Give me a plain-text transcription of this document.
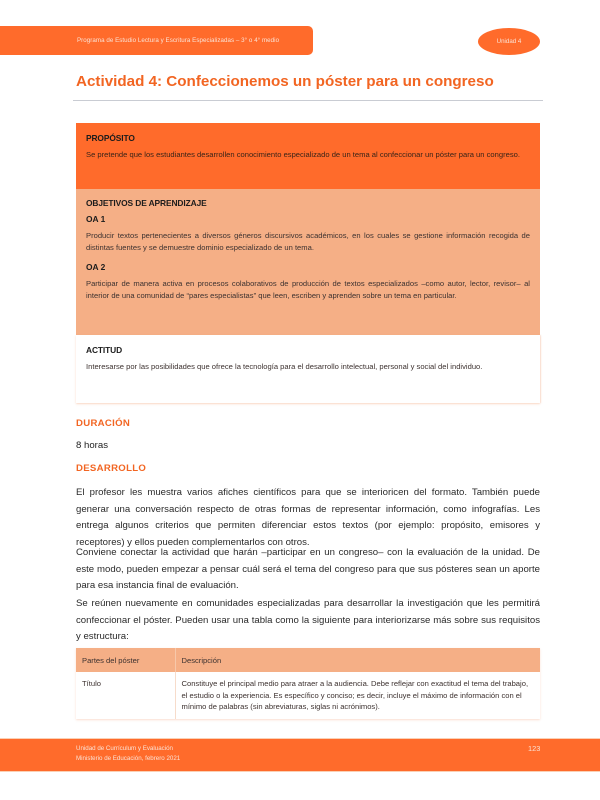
Programa de Estudio Lectura y Escritura Especializadas – 3° o 4° medio	Unidad 4
Actividad 4: Confeccionemos un póster para un congreso
PROPÓSITO

Se pretende que los estudiantes desarrollen conocimiento especializado de un tema al confeccionar un póster para un congreso.

OBJETIVOS DE APRENDIZAJE
OA 1

Producir textos pertenecientes a diversos géneros discursivos académicos, en los cuales se gestione información recogida de distintas fuentes y se demuestre dominio especializado de un tema.

OA 2

Participar de manera activa en procesos colaborativos de producción de textos especializados –como autor, lector, revisor– al interior de una comunidad de “pares especialistas” que leen, escriben y aprenden sobre un tema en particular.

ACTITUD

Interesarse por las posibilidades que ofrece la tecnología para el desarrollo intelectual, personal y social del individuo.

DURACIÓN
8 horas
DESARROLLO

El profesor les muestra varios afiches científicos para que se interioricen del formato. También puede generar una conversación respecto de otras formas de representar información, como infografías. Les entrega algunos criterios que permiten diferenciar estos textos (por ejemplo: propósito, emisores y receptores) y ellos pueden complementarlos con otros.

Conviene conectar la actividad que harán –participar en un congreso– con la evaluación de la unidad. De este modo, pueden empezar a pensar cuál será el tema del congreso para que sus pósteres sean un aporte para esa instancia final de evaluación.

Se reúnen nuevamente en comunidades especializadas para desarrollar la investigación que les permitirá confeccionar el póster. Pueden usar una tabla como la siguiente para interiorizarse más sobre sus requisitos y estructura:

Partes del póster	Descripción
Título	Constituye el principal medio para atraer a la audiencia. Debe reflejar con exactitud el tema del trabajo, el estudio o la experiencia. Es específico y conciso; es decir, incluye el máximo de información con el mínimo de palabras (sin abreviaturas, siglas ni acrónimos).
Unidad de Currículum y Evaluación
Ministerio de Educación, febrero 2021
123
